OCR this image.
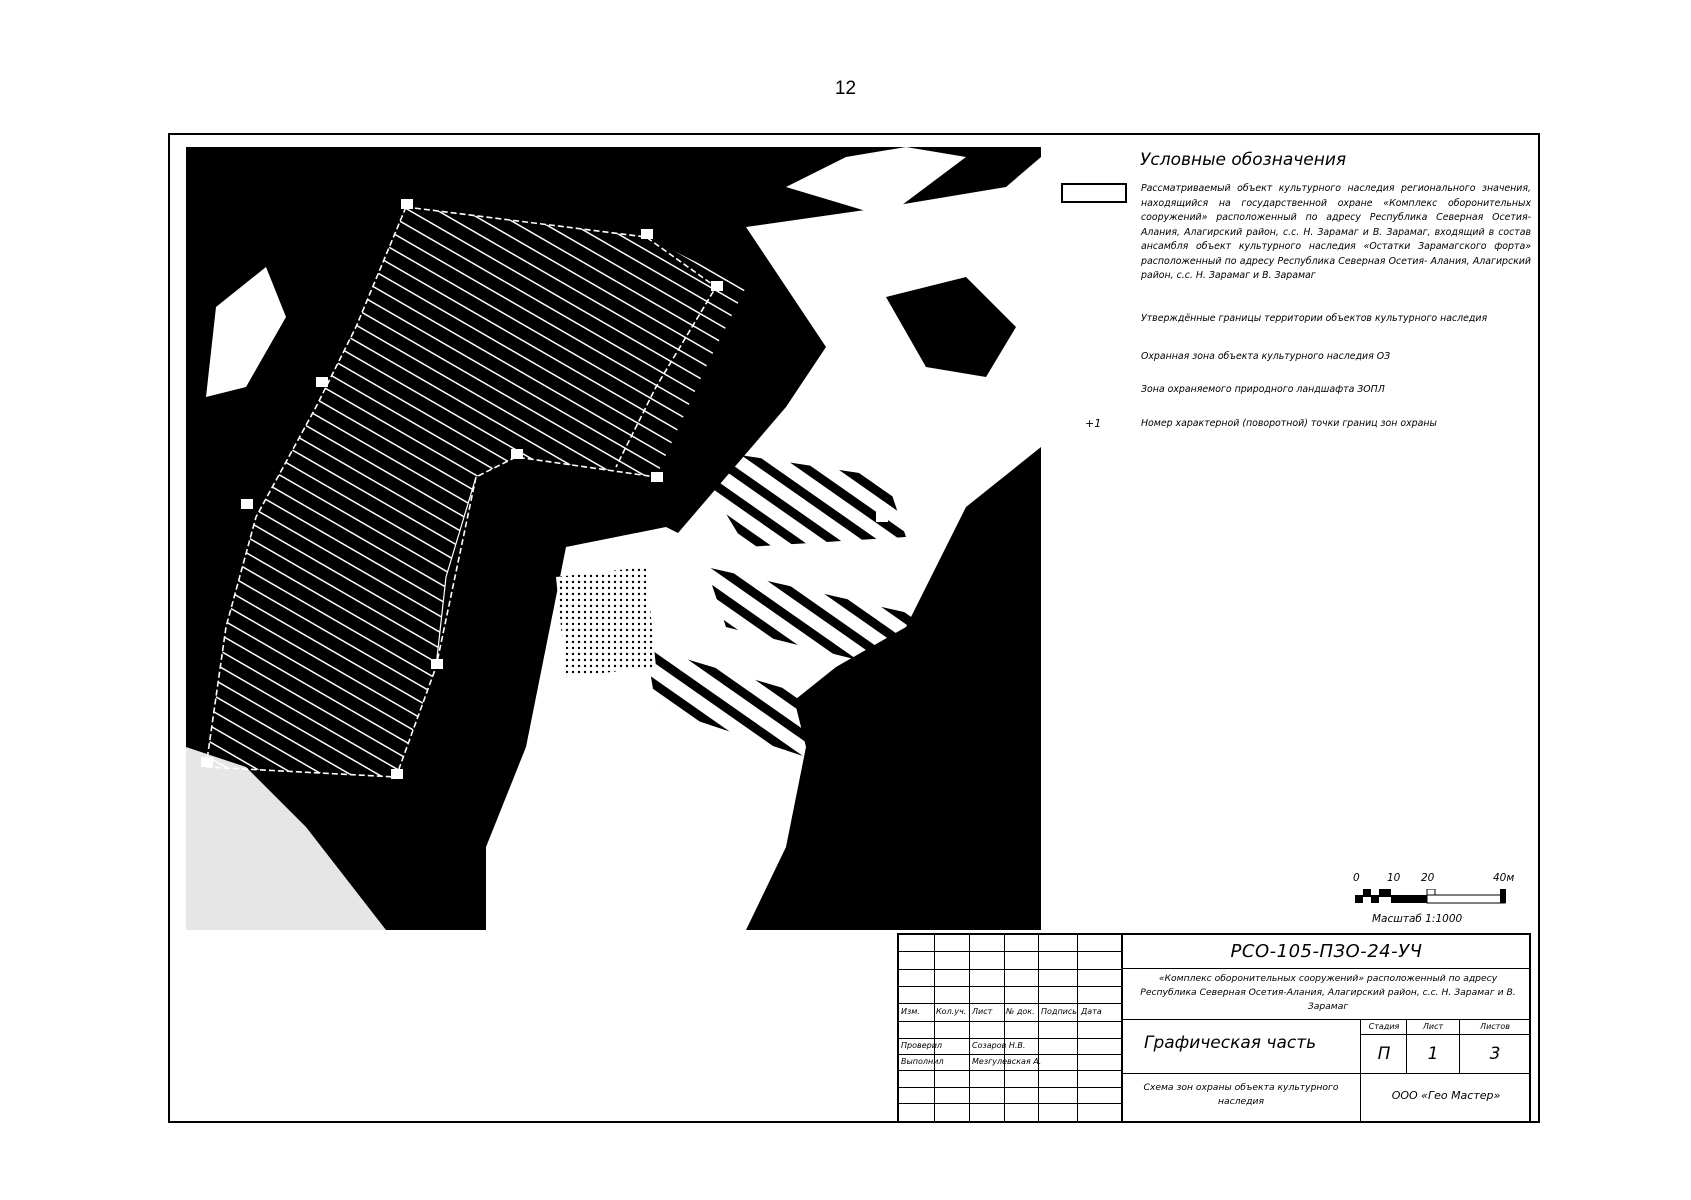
12
Условные обозначения
Рассматриваемый объект культурного наследия регионального значения, находящийся на государственной охране «Комплекс оборонительных сооружений» расположенный по адресу Республика Северная Осетия-Алания, Алагирский район, с.с. Н. Зарамаг и В. Зарамаг, входящий в состав ансамбля объект культурного наследия «Остатки Зарамагского форта» расположенный по адресу Республика Северная Осетия- Алания, Алагирский район, с.с. Н. Зарамаг и В. Зарамаг
Утверждённые границы территории объектов культурного наследия
Охранная зона объекта культурного наследия ОЗ
Зона охраняемого природного ландшафта ЗОПЛ
+1	Номер характерной (поворотной) точки границ зон охраны
0	10 20	40м
Масштаб 1:1000
РСО-105-ПЗО-24-УЧ
«Комплекс оборонительных сооружений» расположенный по адресу Республика Северная Осетия-Алания, Алагирский район, с.с. Н. Зарамаг и В. Зарамаг
Изм. Кол.уч. Лист № док. Подпись Дата
Проверил	Созаров Н.В.
Выполнил	Мезгулевская А.
Графическая часть
Стадия	Лист	Листов
П	1	3
Схема зон охраны объекта культурного наследия	ООО «Гео Мастер»
